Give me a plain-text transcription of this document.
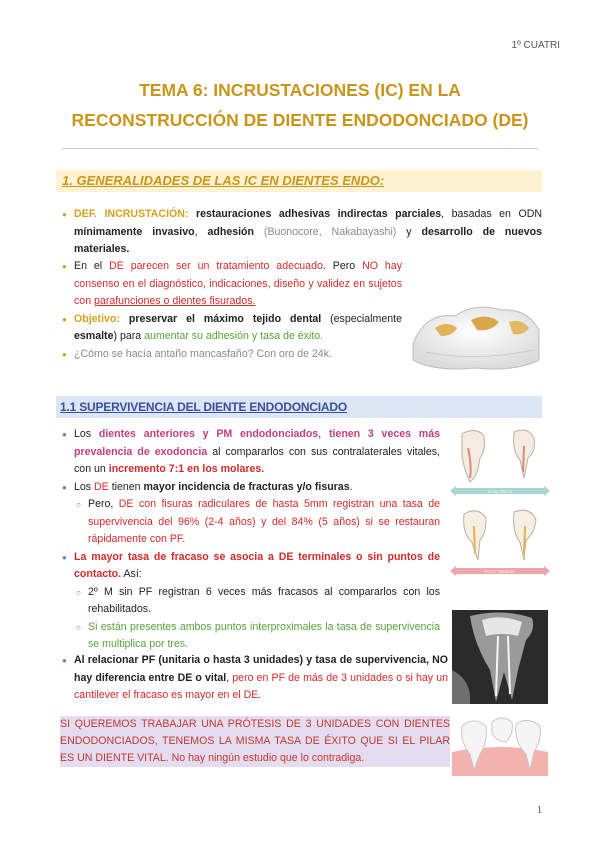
1º CUATRI
TEMA 6: INCRUSTACIONES (IC) EN LA
RECONSTRUCCIÓN DE DIENTE ENDODONCIADO (DE)
1. GENERALIDADES DE LAS IC EN DIENTES ENDO:
● DEF. INCRUSTACIÓN: restauraciones adhesivas indirectas parciales, basadas en ODN mínimamente invasivo, adhesión (Buonocore, Nakabayashi) y desarrollo de nuevos materiales.
● En el DE parecen ser un tratamiento adecuado. Pero NO hay consenso en el diagnóstico, indicaciones, diseño y validez en sujetos con parafunciones o dientes fisurados.
● Objetivo: preservar el máximo tejido dental (especialmente esmalte) para aumentar su adhesión y tasa de éxito.
● ¿Cómo se hacía antaño mancasfaño? Con oro de 24k.
1.1 SUPERVIVENCIA DEL DIENTE ENDODONCIADO
● Los dientes anteriores y PM endodonciados, tienen 3 veces más prevalencia de exodoncia al compararlos con sus contralaterales vitales, con un incremento 7:1 en los molares.
● Los DE tienen mayor incidencia de fracturas y/o fisuras.
○ Pero, DE con fisuras radiculares de hasta 5mm registran una tasa de supervivencia del 96% (2-4 años) y del 84% (5 años) si se restauran rápidamente con PF.
● La mayor tasa de fracaso se asocia a DE terminales o sin puntos de contacto. Así:
○ 2º M sin PF registran 6 veces más fracasos al compararlos con los rehabilitados.
○ Si están presentes ambos puntos interproximales la tasa de supervivencia se multiplica por tres.
● Al relacionar PF (unitaria o hasta 3 unidades) y tasa de supervivencia, NO hay diferencia entre DE o vital, pero en PF de más de 3 unidades o si hay un cantilever el fracaso es mayor en el DE.
VITAL TEETH
ROOT TREATED
SI QUEREMOS TRABAJAR UNA PRÓTESIS DE 3 UNIDADES CON DIENTES ENDODONCIADOS, TENEMOS LA MISMA TASA DE ÉXITO QUE SI EL PILAR ES UN DIENTE VITAL. No hay ningún estudio que lo contradiga.
1
